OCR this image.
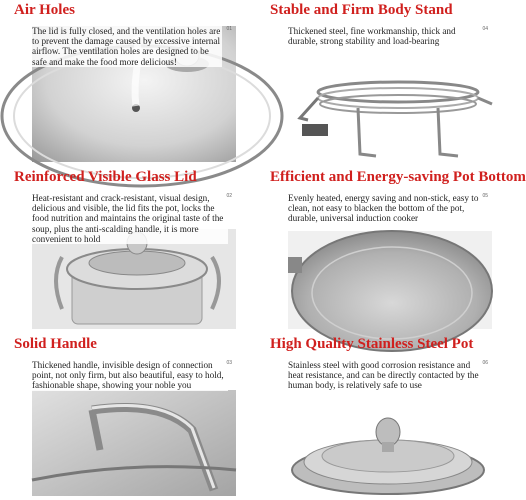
The lid is fully closed, and the ventilation holes are to prevent the damage caused by excessive internal airflow. The ventilation holes are designed to be safe and make the food more delicious!
Air Holes
01	Thickened steel, fine workmanship, thick and durable, strong stability and load-bearing
Stable and Firm Body Stand
04
Heat-resistant and crack-resistant, visual design, delicious and visible, the lid fits the pot, locks the food nutrition and maintains the original taste of the soup, plus the anti-scalding handle, it is more convenient to hold
Reinforced Visible Glass Lid
02	Evenly heated, energy saving and non-stick, easy to clean, not easy to blacken the bottom of the pot, durable, universal induction cooker
Efficient and Energy-saving Pot Bottom
05
Thickened handle, invisible design of connection point, not only firm, but also beautiful, easy to hold, fashionable shape, showing your noble you
Solid Handle
03	Stainless steel with good corrosion resistance and heat resistance, and can be directly contacted by the human body, is relatively safe to use
High Quality Stainless Steel Pot
06
